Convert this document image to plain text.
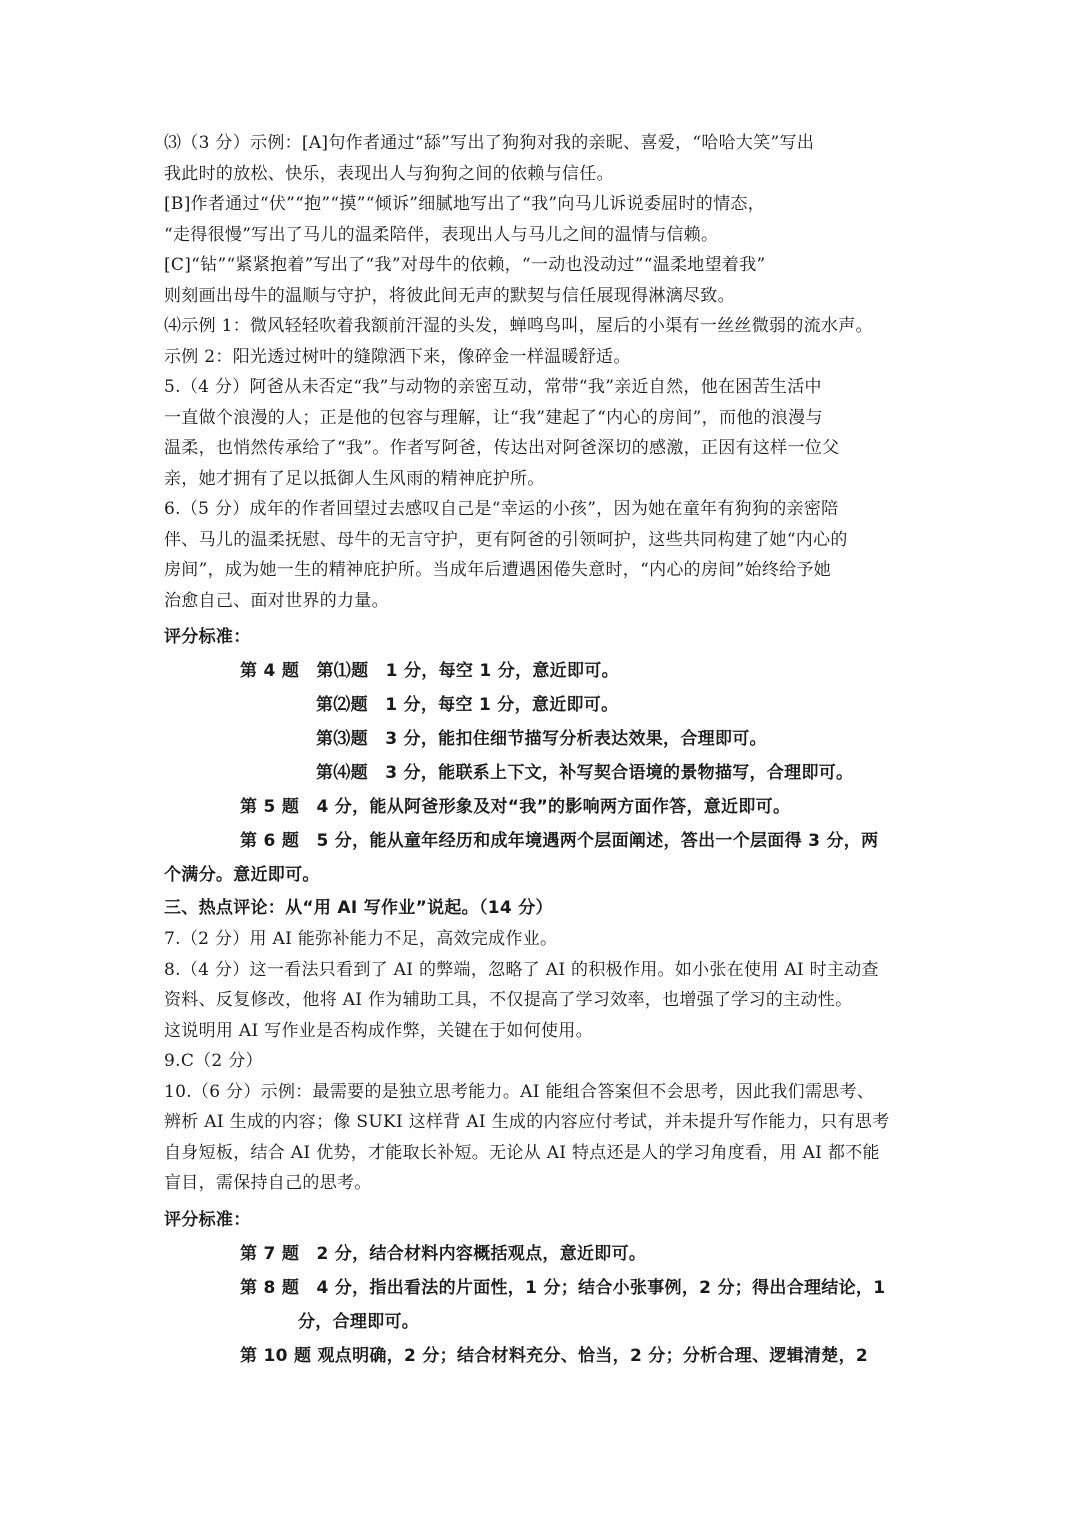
⑶（3 分）示例：[A]句作者通过“舔”写出了狗狗对我的亲昵、喜爱，“哈哈大笑”写出

我此时的放松、快乐，表现出人与狗狗之间的依赖与信任。

[B]作者通过“伏”“抱”“摸”“倾诉”细腻地写出了“我”向马儿诉说委屈时的情态，

“走得很慢”写出了马儿的温柔陪伴，表现出人与马儿之间的温情与信赖。

[C]“钻”“紧紧抱着”写出了“我”对母牛的依赖，“一动也没动过”“温柔地望着我”

则刻画出母牛的温顺与守护，将彼此间无声的默契与信任展现得淋漓尽致。

⑷示例 1：微风轻轻吹着我额前汗湿的头发，蝉鸣鸟叫，屋后的小渠有一丝丝微弱的流水声。

示例 2：阳光透过树叶的缝隙洒下来，像碎金一样温暖舒适。

5.（4 分）阿爸从未否定“我”与动物的亲密互动，常带“我”亲近自然，他在困苦生活中

一直做个浪漫的人；正是他的包容与理解，让“我”建起了“内心的房间”，而他的浪漫与

温柔，也悄然传承给了“我”。作者写阿爸，传达出对阿爸深切的感激，正因有这样一位父

亲，她才拥有了足以抵御人生风雨的精神庇护所。

6.（5 分）成年的作者回望过去感叹自己是“幸运的小孩”，因为她在童年有狗狗的亲密陪

伴、马儿的温柔抚慰、母牛的无言守护，更有阿爸的引领呵护，这些共同构建了她“内心的

房间”，成为她一生的精神庇护所。当成年后遭遇困倦失意时，“内心的房间”始终给予她

治愈自己、面对世界的力量。

评分标准：

第 4 题　第⑴题　1 分，每空 1 分，意近即可。

第⑵题　1 分，每空 1 分，意近即可。

第⑶题　3 分，能扣住细节描写分析表达效果，合理即可。

第⑷题　3 分，能联系上下文，补写契合语境的景物描写，合理即可。

第 5 题　4 分，能从阿爸形象及对“我”的影响两方面作答，意近即可。

第 6 题　5 分，能从童年经历和成年境遇两个层面阐述，答出一个层面得 3 分，两

个满分。意近即可。

三、热点评论：从“用 AI 写作业”说起。（14 分）

7.（2 分）用 AI 能弥补能力不足，高效完成作业。

8.（4 分）这一看法只看到了 AI 的弊端，忽略了 AI 的积极作用。如小张在使用 AI 时主动查

资料、反复修改，他将 AI 作为辅助工具，不仅提高了学习效率，也增强了学习的主动性。

这说明用 AI 写作业是否构成作弊，关键在于如何使用。

9.C（2 分）

10.（6 分）示例：最需要的是独立思考能力。AI 能组合答案但不会思考，因此我们需思考、

辨析 AI 生成的内容；像 SUKI 这样背 AI 生成的内容应付考试，并未提升写作能力，只有思考

自身短板，结合 AI 优势，才能取长补短。无论从 AI 特点还是人的学习角度看，用 AI 都不能

盲目，需保持自己的思考。

评分标准：

第 7 题　2 分，结合材料内容概括观点，意近即可。

第 8 题　4 分，指出看法的片面性，1 分；结合小张事例，2 分；得出合理结论，1

分，合理即可。

第 10 题 观点明确，2 分；结合材料充分、恰当，2 分；分析合理、逻辑清楚，2
